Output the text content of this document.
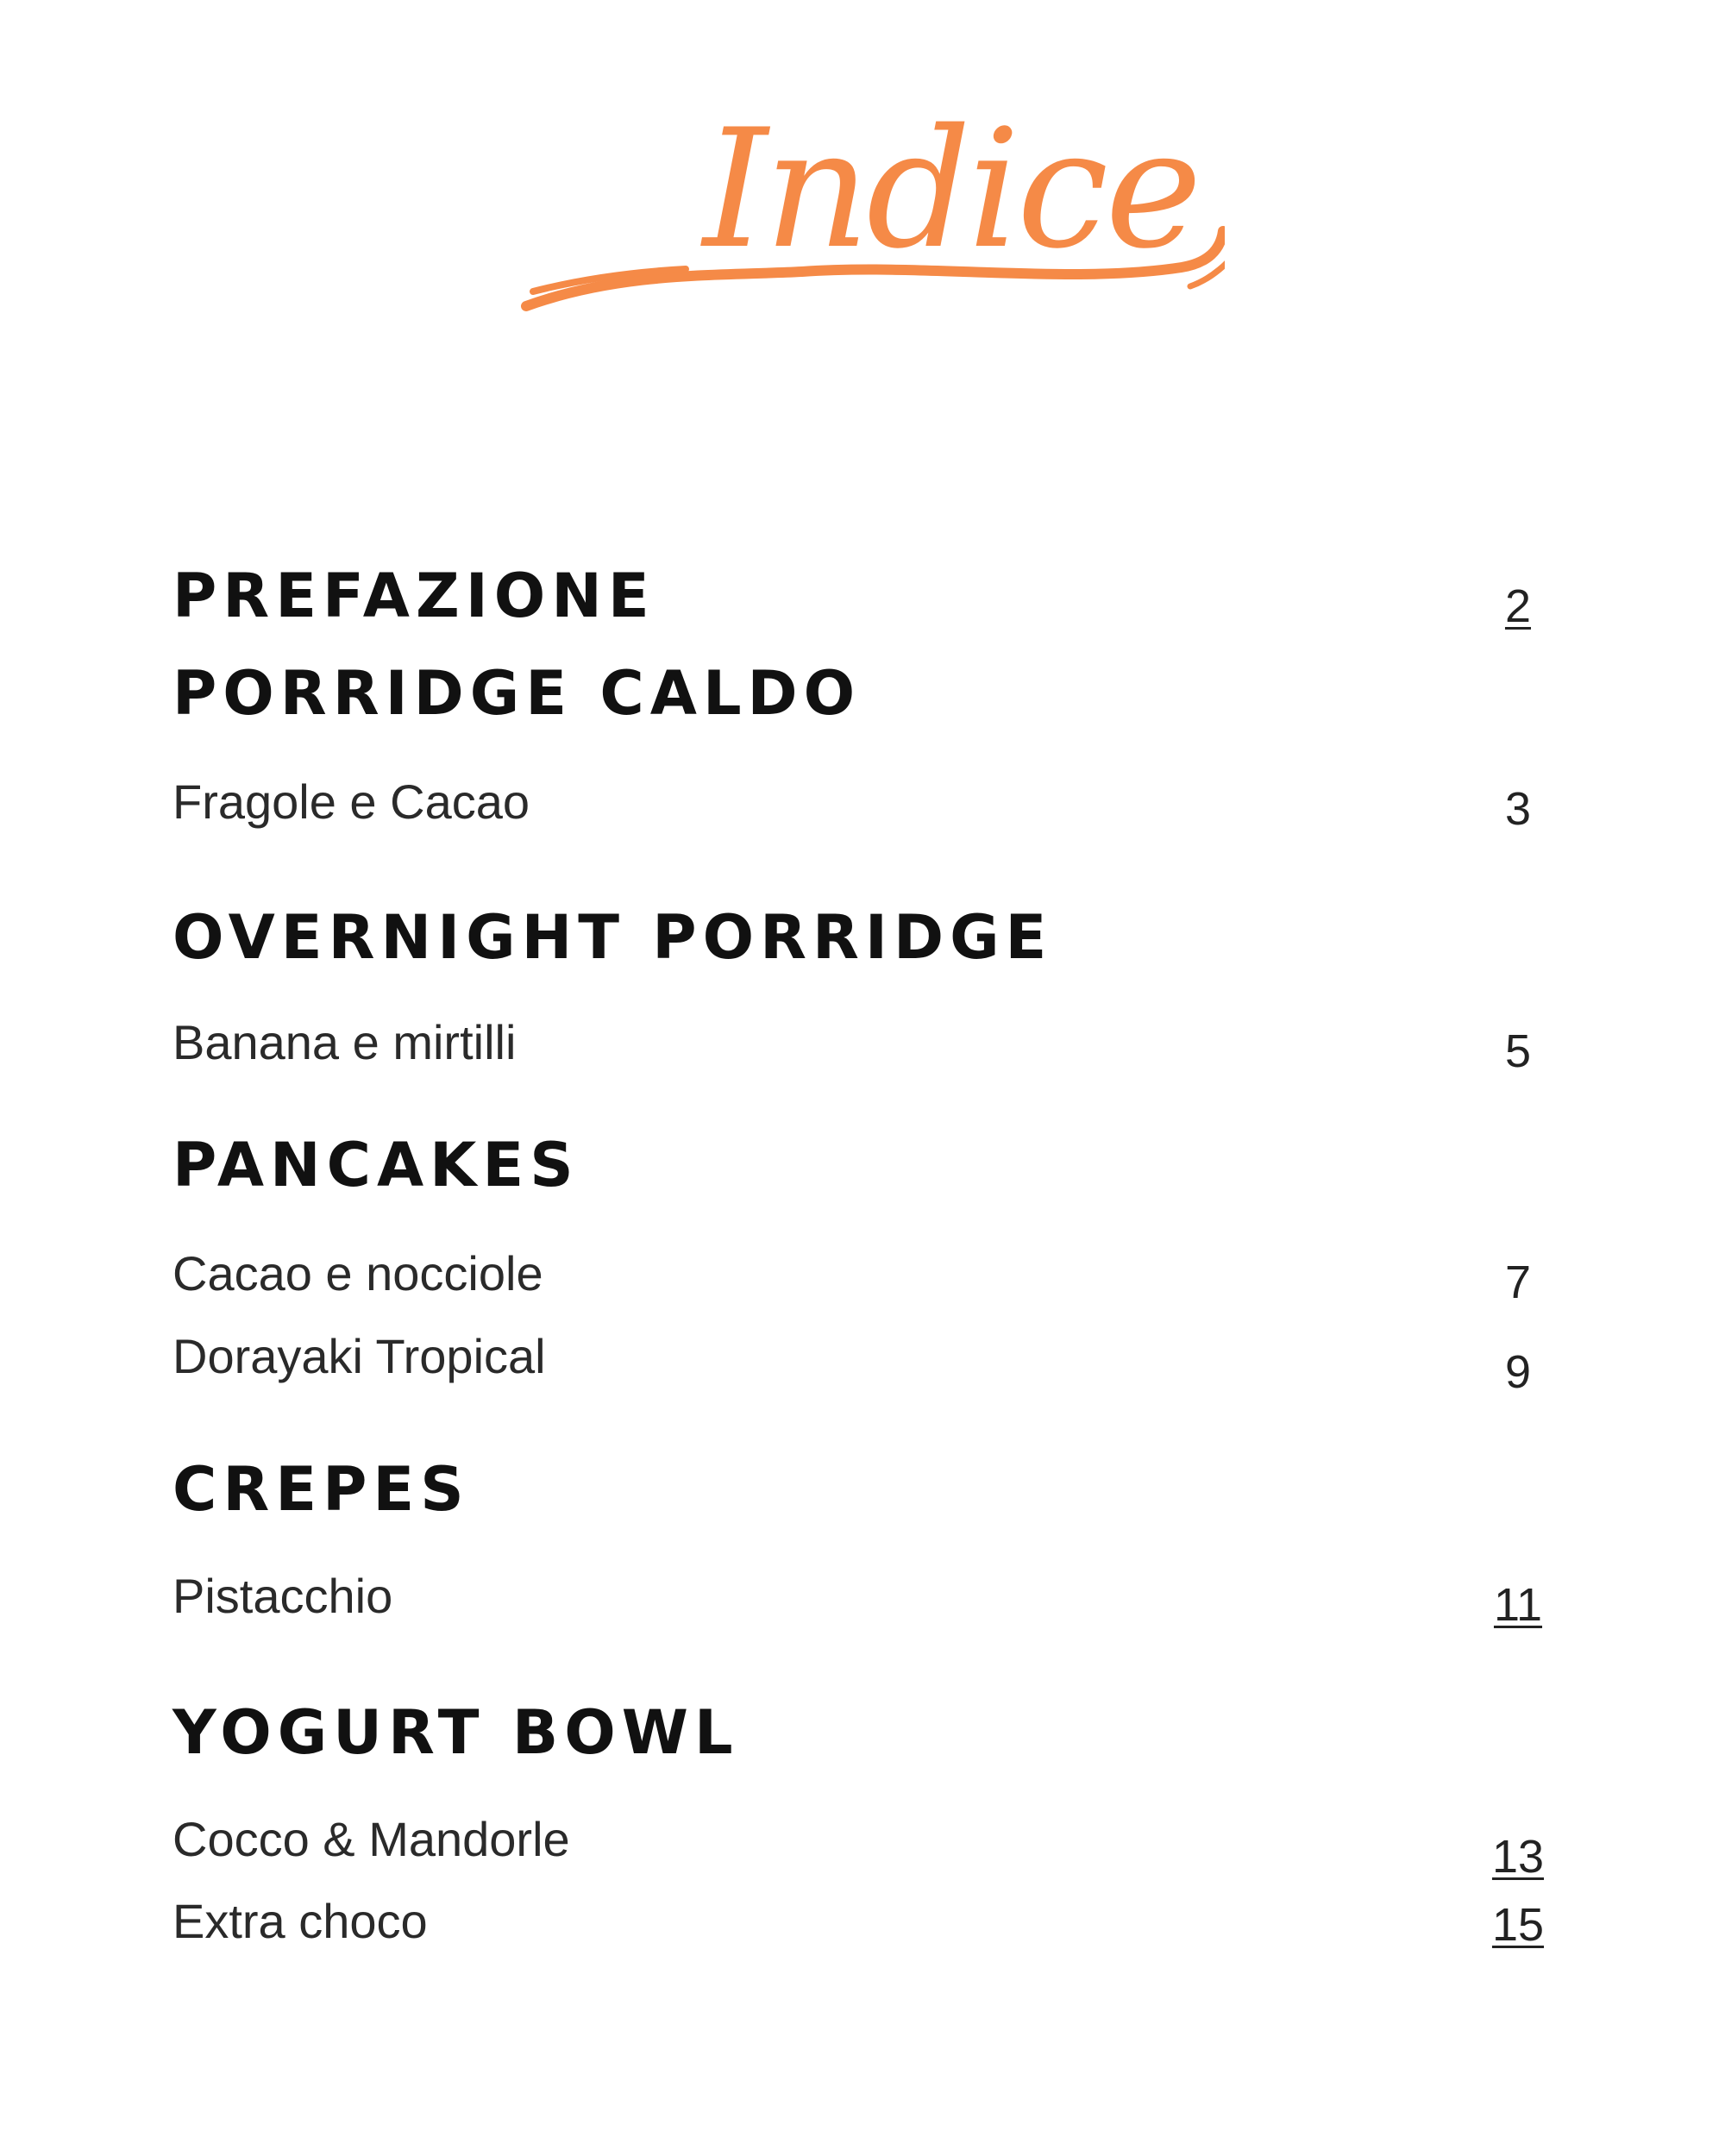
Indice
PREFAZIONE	2
PORRIDGE CALDO
Fragole e Cacao	3
OVERNIGHT PORRIDGE
Banana e mirtilli	5
PANCAKES
Cacao e nocciole	7
Dorayaki Tropical	9
CREPES
Pistacchio	11
YOGURT BOWL
Cocco & Mandorle	13
Extra choco	15
